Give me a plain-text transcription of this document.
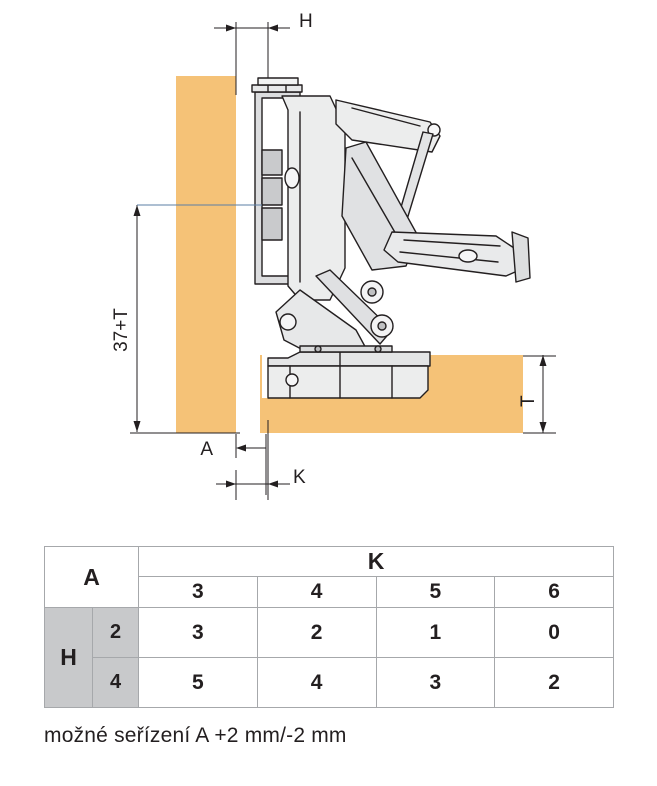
H
37+T
A
K
T
A		K			
		3	4	5	6
H	2	3	2	1	0
	4	5	4	3	2
možné seřízení A +2 mm/-2 mm
